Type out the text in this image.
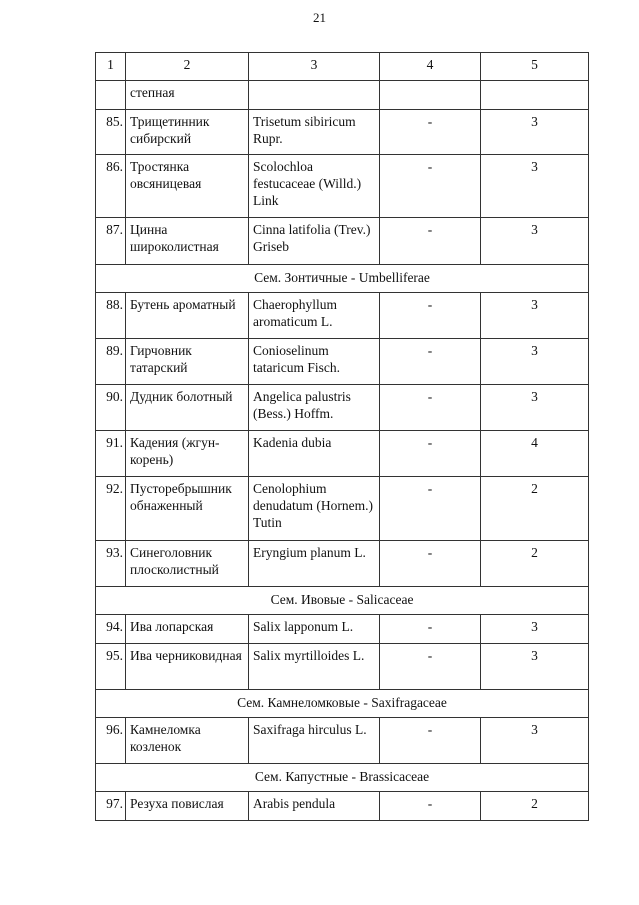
21
1	2	3	4	5
	степная			
85.	Трищетинник сибирский	Trisetum sibiricum Rupr.	-	3
86.	Тростянка овсяницевая	Scolochloa festucaceae (Willd.) Link	-	3
87.	Цинна широколистная	Cinna latifolia (Trev.) Griseb	-	3
Сем. Зонтичные - Umbelliferae				
88.	Бутень ароматный	Chaerophyllum aromaticum L.	-	3
89.	Гирчовник татарский	Conioselinum tataricum Fisch.	-	3
90.	Дудник болотный	Angelica palustris (Bess.) Hoffm.	-	3
91.	Кадения (жгун-корень)	Kadenia dubia	-	4
92.	Пусторебрышник обнаженный	Cenolophium denudatum (Hornem.) Tutin	-	2
93.	Синеголовник плосколистный	Eryngium planum L.	-	2
Сем. Ивовые - Salicaceae				
94.	Ива лопарская	Salix lapponum L.	-	3
95.	Ива черниковидная	Salix myrtilloides L.	-	3
Сем. Камнеломковые - Saxifragaceae				
96.	Камнеломка козленок	Saxifraga hirculus L.	-	3
Сем. Капустные - Brassicaceae				
97.	Резуха повислая	Arabis pendula	-	2
